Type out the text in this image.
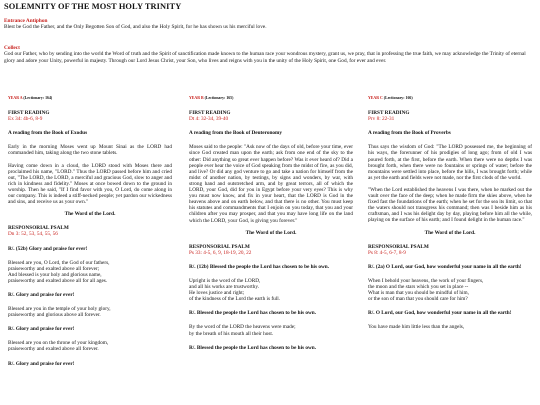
SOLEMNITY OF THE MOST HOLY TRINITY
Entrance Antiphon
Blest be God the Father, and the Only Begotten Son of God, and also the Holy Spirit, for he has shown us his merciful love.
Collect
God our Father, who by sending into the world the Word of truth and the Spirit of sanctification made known to the human race your wondrous mystery, grant us, we pray, that in professing the true faith, we may acknowledge the Trinity of eternal glory and adore your Unity, powerful in majesty. Through our Lord Jesus Christ, your Son, who lives and reigns with you in the unity of the Holy Spirit, one God, for ever and ever.
YEAR A (Lectionary: 164)
FIRST READING
Ex 34: 4b-6, 8-9
A reading from the Book of Exodus

Early in the morning Moses went up Mount Sinai as the LORD had commanded him, taking along the two stone tablets.

Having come down in a cloud, the LORD stood with Moses there and proclaimed his name, "LORD." Thus the LORD passed before him and cried out, "The LORD, the LORD, a merciful and gracious God, slow to anger and rich in kindness and fidelity." Moses at once bowed down to the ground in worship. Then he said, "If I find favor with you, O Lord, do come along in our company. This is indeed a stiff-necked people; yet pardon our wickedness and sins, and receive us as your own."

The Word of the Lord.
RESPONSORIAL PSALM
Dn 3: 52, 53, 54, 55, 56
R/. (52b) Glory and praise for ever!
Blessed are you, O Lord, the God of our fathers,
praiseworthy and exalted above all forever;
And blessed is your holy and glorious name,
praiseworthy and exalted above all for all ages.
R/. Glory and praise for ever!
Blessed are you in the temple of your holy glory,
praiseworthy and glorious above all forever.
R/. Glory and praise for ever!
Blessed are you on the throne of your kingdom,
praiseworthy and exalted above all forever.
R/. Glory and praise for ever!
YEAR B (Lectionary: 165)
FIRST READING
Dt 4: 32-34, 39-40
A reading from the Book of Deuteronomy

Moses said to the people: "Ask now of the days of old, before your time, ever since God created man upon the earth; ask from one end of the sky to the other: Did anything so great ever happen before? Was it ever heard of? Did a people ever hear the voice of God speaking from the midst of fire, as you did, and live? Or did any god venture to go and take a nation for himself from the midst of another nation, by testings, by signs and wonders, by war, with strong hand and outstretched arm, and by great terrors, all of which the LORD, your God, did for you in Egypt before your very eyes? This is why you must now know, and fix in your heart, that the LORD is God in the heavens above and on earth below, and that there is no other. You must keep his statutes and commandments that I enjoin on you today, that you and your children after you may prosper, and that you may have long life on the land which the LORD, your God, is giving you forever."

The Word of the Lord.
RESPONSORIAL PSALM
Ps 33: 4-5, 6, 9, 18-19, 20, 22
R/. (12b) Blessed the people the Lord has chosen to be his own.
Upright is the word of the LORD,
and all his works are trustworthy.
He loves justice and right;
of the kindness of the Lord the earth is full.
R/. Blessed the people the Lord has chosen to be his own.
By the word of the LORD the heavens were made;
by the breath of his mouth all their host.
R/. Blessed the people the Lord has chosen to be his own.
YEAR C (Lectionary: 166)
FIRST READING
Prv 8: 22-31
A reading from the Book of Proverbs

Thus says the wisdom of God: "The LORD possessed me, the beginning of his ways, the forerunner of his prodigies of long ago; from of old I was poured forth, at the first, before the earth. When there were no depths I was brought forth, when there were no fountains or springs of water; before the mountains were settled into place, before the hills, I was brought forth; while as yet the earth and fields were not made, nor the first clods of the world.

"When the Lord established the heavens I was there, when he marked out the vault over the face of the deep; when he made firm the skies above, when he fixed fast the foundations of the earth; when he set for the sea its limit, so that the waters should not transgress his command; then was I beside him as his craftsman, and I was his delight day by day, playing before him all the while, playing on the surface of his earth; and I found delight in the human race."

The Word of the Lord.
RESPONSORIAL PSALM
Ps 8: 4-5, 6-7, 8-9
R/. (2a) O Lord, our God, how wonderful your name in all the earth!
When I behold your heavens, the work of your fingers,
the moon and the stars which you set in place --
What is man that you should be mindful of him,
or the son of man that you should care for him?
R/. O Lord, our God, how wonderful your name in all the earth!
You have made him little less than the angels,
